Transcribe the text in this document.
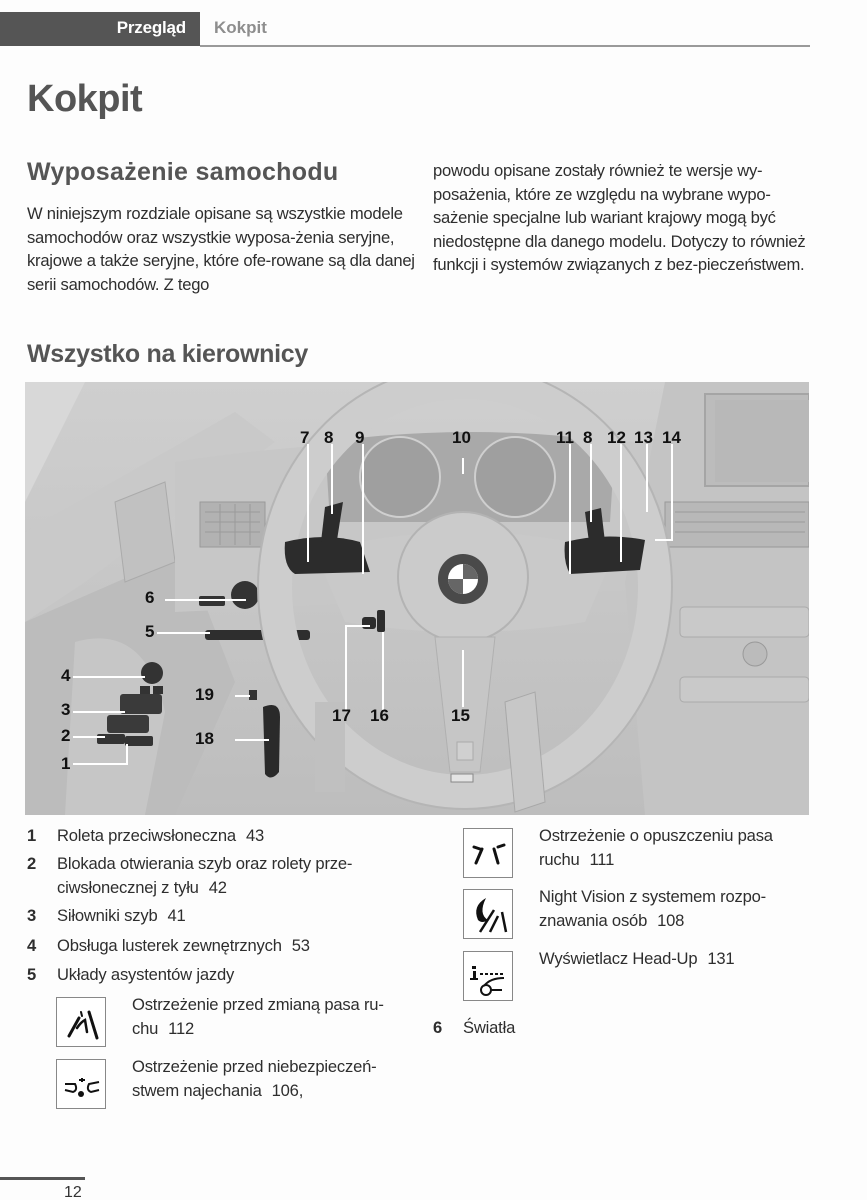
Przegląd Kokpit
Kokpit
Wyposażenie samochodu

W niniejszym rozdziale opisane są wszystkie modele samochodów oraz wszystkie wyposa-żenia seryjne, krajowe a także seryjne, które ofe-rowane są dla danej serii samochodów. Z tego

powodu opisane zostały również te wersje wy-posażenia, które ze względu na wybrane wypo-sażenie specjalne lub wariant krajowy mogą być niedostępne dla danego modelu. Dotyczy to również funkcji i systemów związanych z bez-pieczeństwem.

Wszystko na kierownicy
7 8 9	10	11 8 12 13 14
6
5
4
3
2
1
19
18
17 16	15
1 Roleta przeciwsłoneczna 43
2 Blokada otwierania szyb oraz rolety prze-ciwsłonecznej z tyłu 42
3 Siłowniki szyb 41
4 Obsługa lusterek zewnętrznych 53
5 Układy asystentów jazdy
Ostrzeżenie przed zmianą pasa ru-chu 112
Ostrzeżenie przed niebezpieczeń-stwem najechania 106,
Ostrzeżenie o opuszczeniu pasa ruchu 111
Night Vision z systemem rozpo-znawania osób 108
Wyświetlacz Head-Up 131
6 Światła
12
